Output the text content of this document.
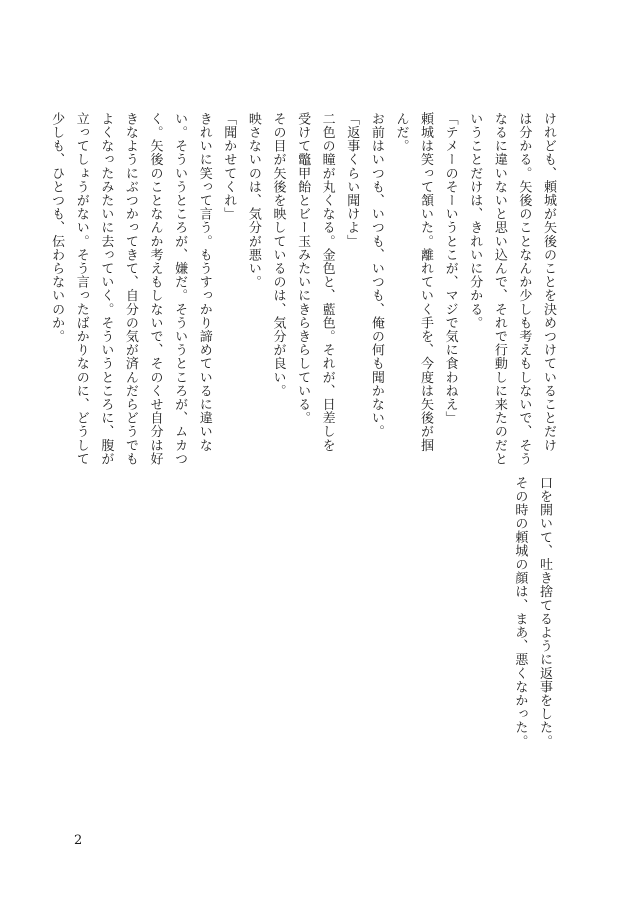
けれども、頼城が矢後のことを決めつけていることだけ

は分かる。矢後のことなんか少しも考えもしないで、そう

なるに違いないと思い込んで、それで行動しに来たのだと

いうことだけは、きれいに分かる。

「テメーのそーいうとこが、マジで気に食わねえ」

頼城は笑って頷いた。離れていく手を、今度は矢後が掴

んだ。

お前はいつも、いつも、いつも、俺の何も聞かない。

「返事くらい聞けよ」

二色の瞳が丸くなる。金色と、藍色。それが、日差しを

受けて鼈甲飴とビー玉みたいにきらきらしている。

その目が矢後を映しているのは、気分が良い。

映さないのは、気分が悪い。

「聞かせてくれ」

きれいに笑って言う。もうすっかり諦めているに違いな

い。そういうところが、嫌だ。そういうところが、ムカつ

く。矢後のことなんか考えもしないで、そのくせ自分は好

きなようにぶつかってきて、自分の気が済んだらどうでも

よくなったみたいに去っていく。そういうところに、腹が

立ってしょうがない。そう言ったばかりなのに、どうして

少しも、ひとつも、伝わらないのか。

口を開いて、吐き捨てるように返事をした。

その時の頼城の顔は、まあ、悪くなかった。

2
